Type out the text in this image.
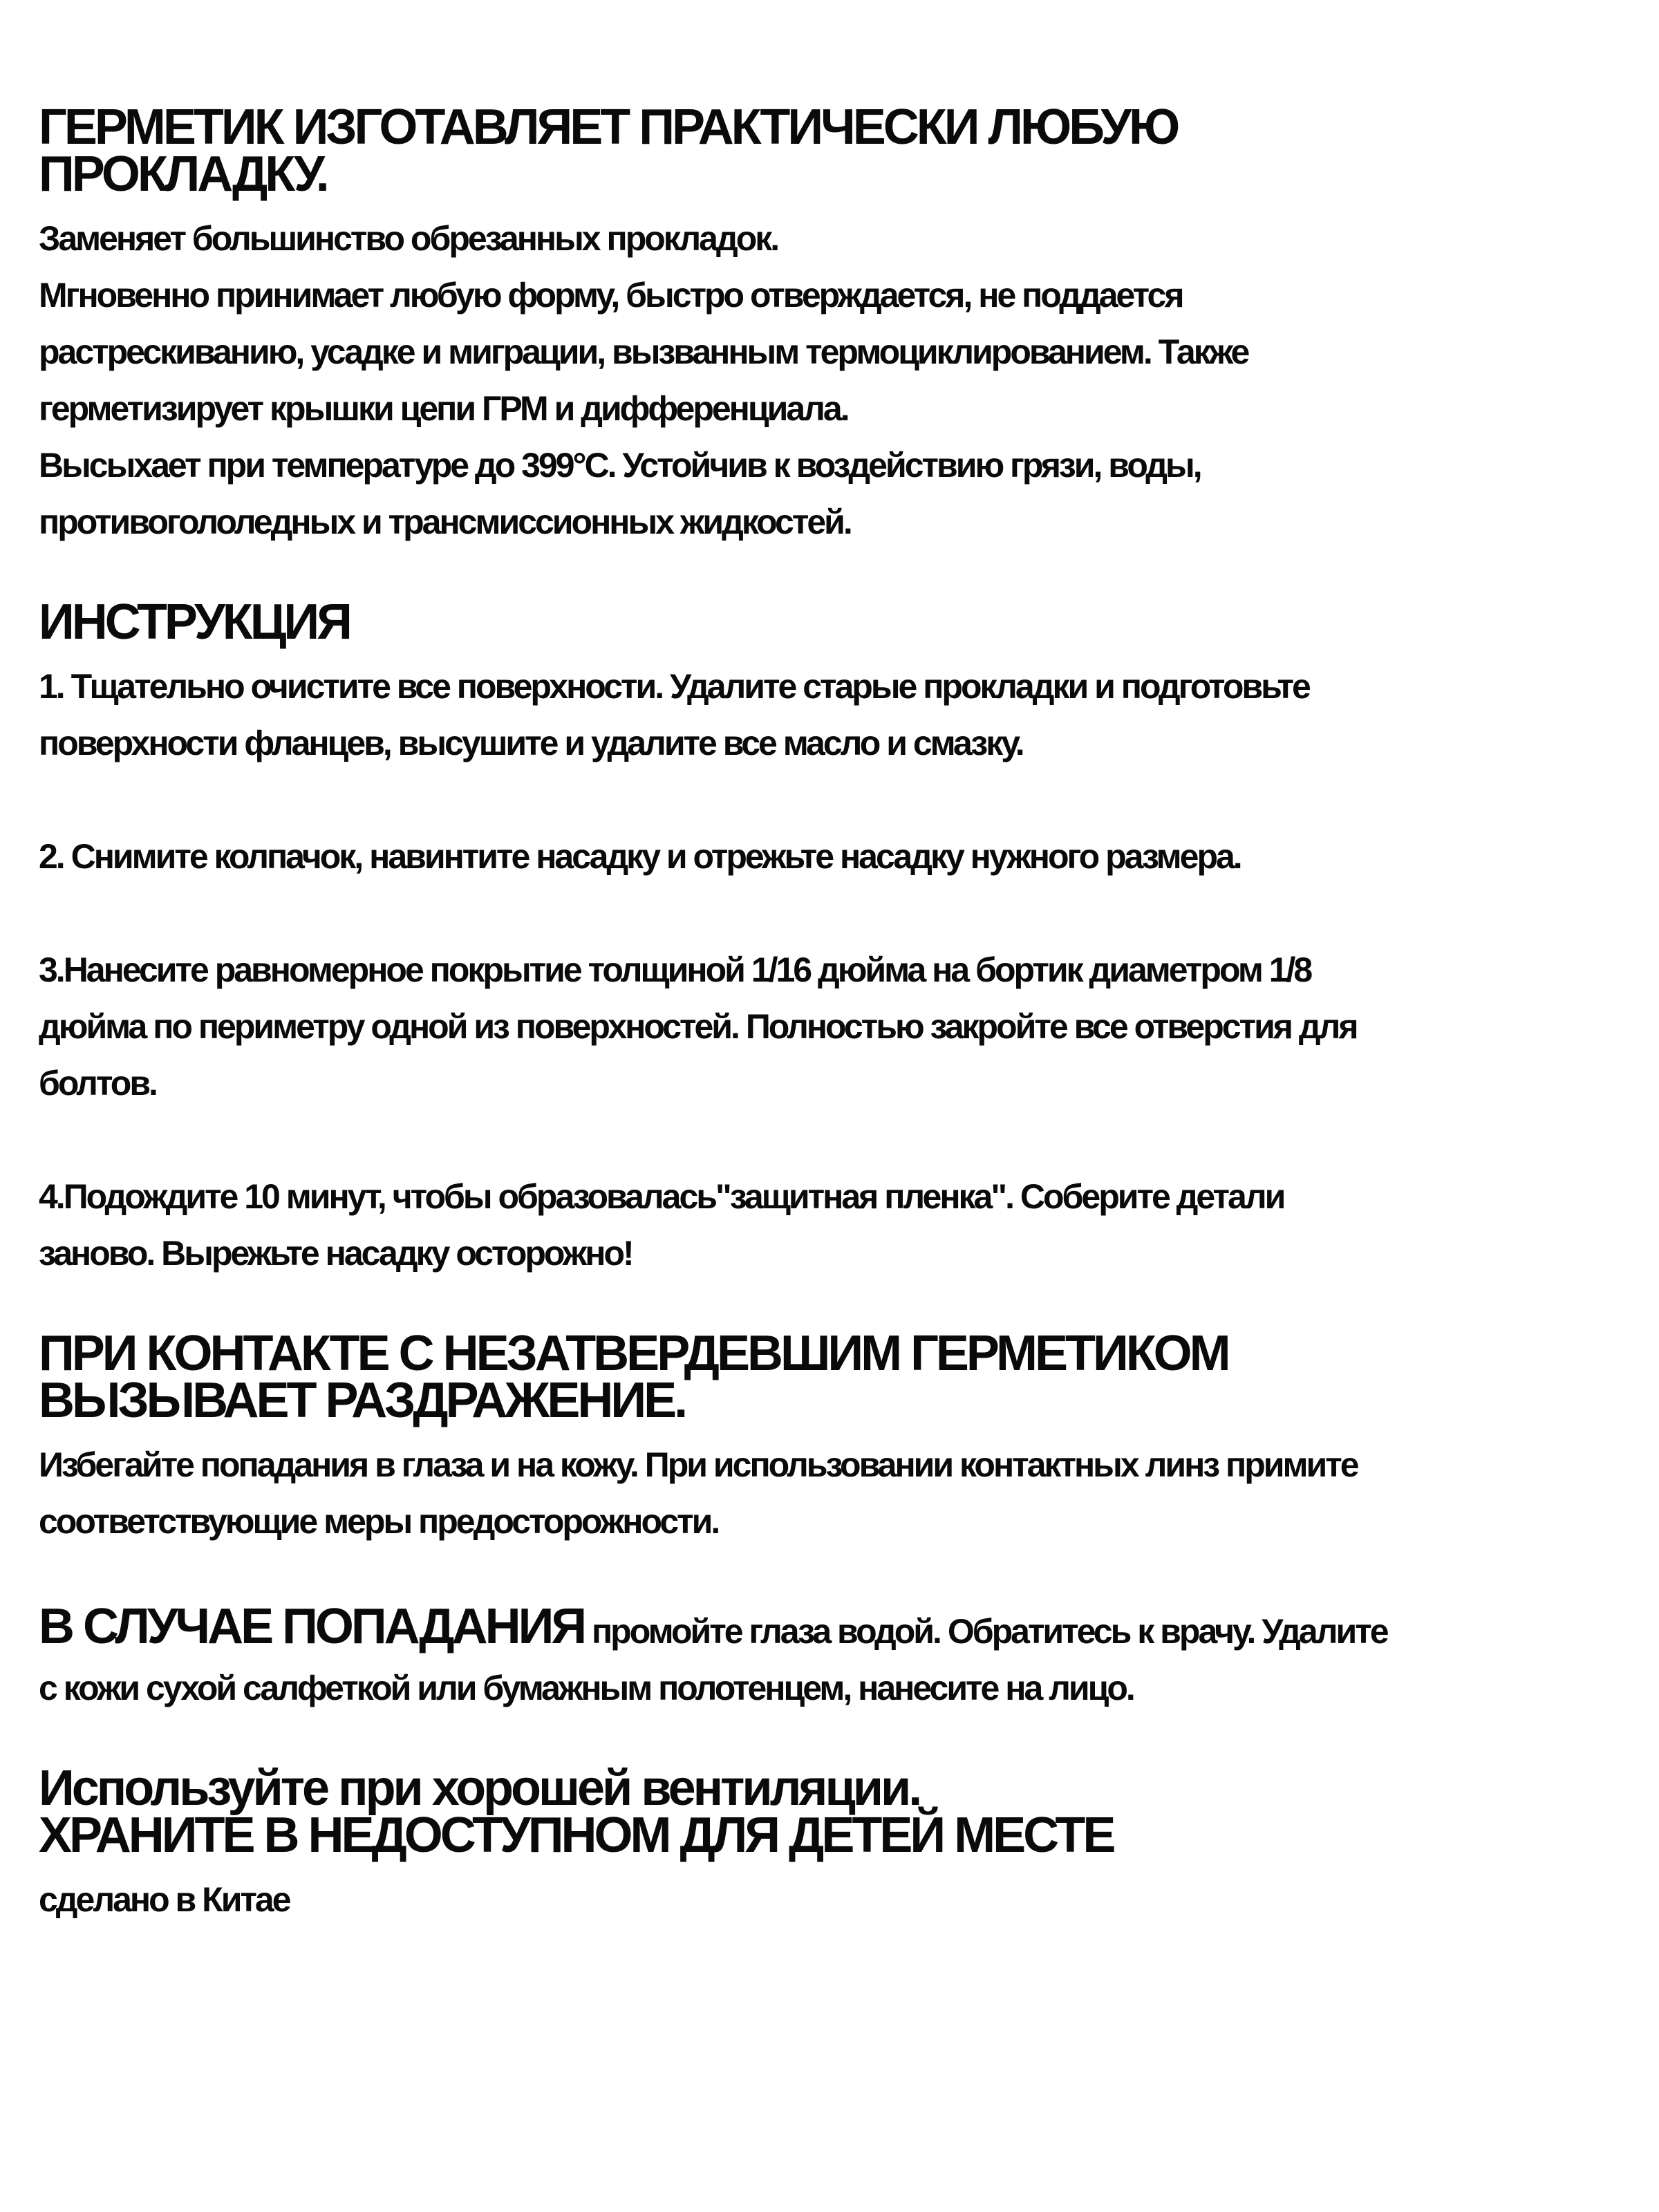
ГЕРМЕТИК ИЗГОТАВЛЯЕТ ПРАКТИЧЕСКИ ЛЮБУЮ
ПРОКЛАДКУ.
Заменяет большинство обрезанных прокладок.
Мгновенно принимает любую форму, быстро отверждается, не поддается
растрескиванию, усадке и миграции, вызванным термоциклированием. Также
герметизирует крышки цепи ГРМ и дифференциала.
Высыхает при температуре до 399°C. Устойчив к воздействию грязи, воды,
противогололедных и трансмиссионных жидкостей.
ИНСТРУКЦИЯ
1. Тщательно очистите все поверхности. Удалите старые прокладки и подготовьте
поверхности фланцев, высушите и удалите все масло и смазку.
2. Снимите колпачок, навинтите насадку и отрежьте насадку нужного размера.
3.Нанесите равномерное покрытие толщиной 1/16 дюйма на бортик диаметром 1/8
дюйма по периметру одной из поверхностей. Полностью закройте все отверстия для
болтов.
4.Подождите 10 минут, чтобы образовалась"защитная пленка". Соберите детали
заново. Вырежьте насадку осторожно!
ПРИ КОНТАКТЕ С НЕЗАТВЕРДЕВШИМ ГЕРМЕТИКОМ
ВЫЗЫВАЕТ РАЗДРАЖЕНИЕ.
Избегайте попадания в глаза и на кожу. При использовании контактных линз примите
соответствующие меры предосторожности.
В СЛУЧАЕ ПОПАДАНИЯ промойте глаза водой. Обратитесь к врачу. Удалите
с кожи сухой салфеткой или бумажным полотенцем, нанесите на лицо.
Используйте при хорошей вентиляции.
ХРАНИТЕ В НЕДОСТУПНОМ ДЛЯ ДЕТЕЙ МЕСТЕ
сделано в Китае
